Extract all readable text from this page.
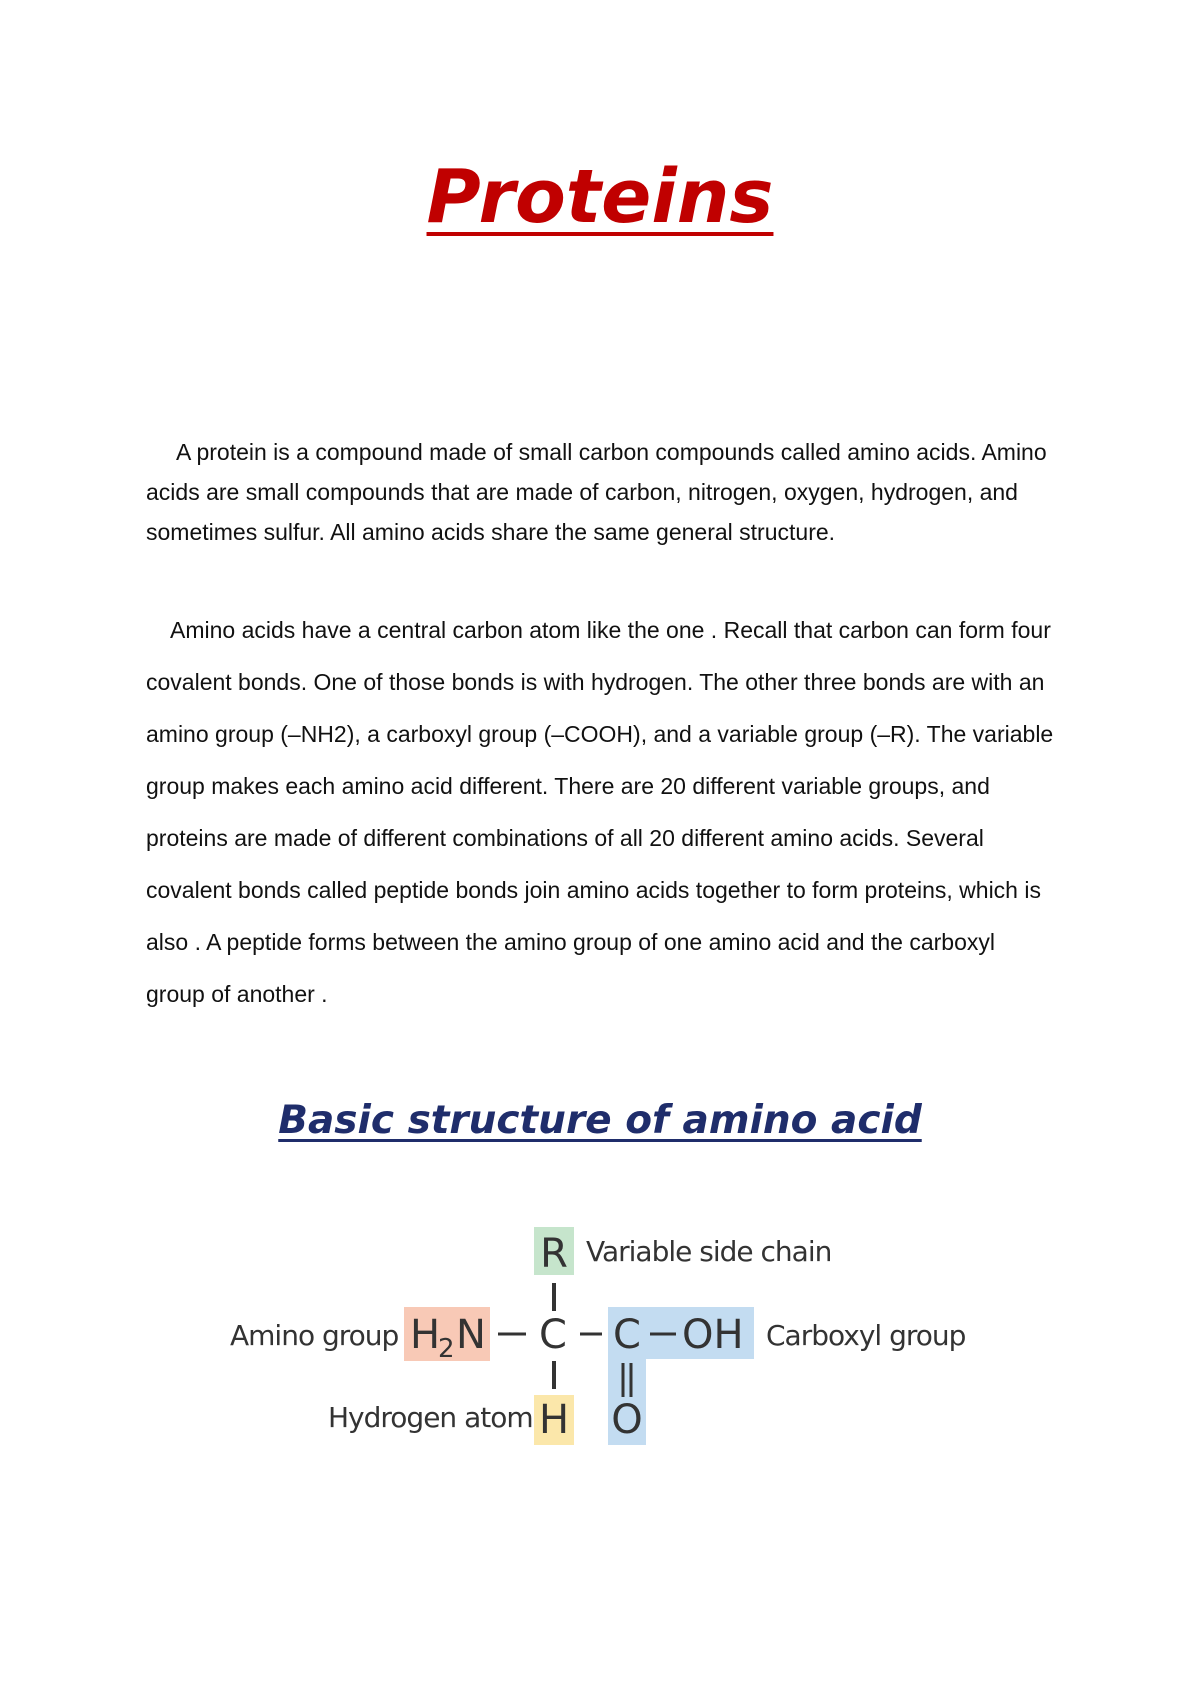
Proteins

A protein is a compound made of small carbon compounds called amino acids. Amino acids are small compounds that are made of carbon, nitrogen, oxygen, hydrogen, and sometimes sulfur. All amino acids share the same general structure.

Amino acids have a central carbon atom like the one . Recall that carbon can form four covalent bonds. One of those bonds is with hydrogen. The other three bonds are with an amino group (–NH2), a carboxyl group (–COOH), and a variable group (–R). The variable group makes each amino acid different. There are 20 different variable groups, and proteins are made of different combinations of all 20 different amino acids. Several covalent bonds called peptide bonds join amino acids together to form proteins, which is also . A peptide forms between the amino group of one amino acid and the carboxyl group of another .

Basic structure of amino acid
R
H
2 N C C OH
H O
Variable side chain
Amino group	Carboxyl group
Hydrogen atom
